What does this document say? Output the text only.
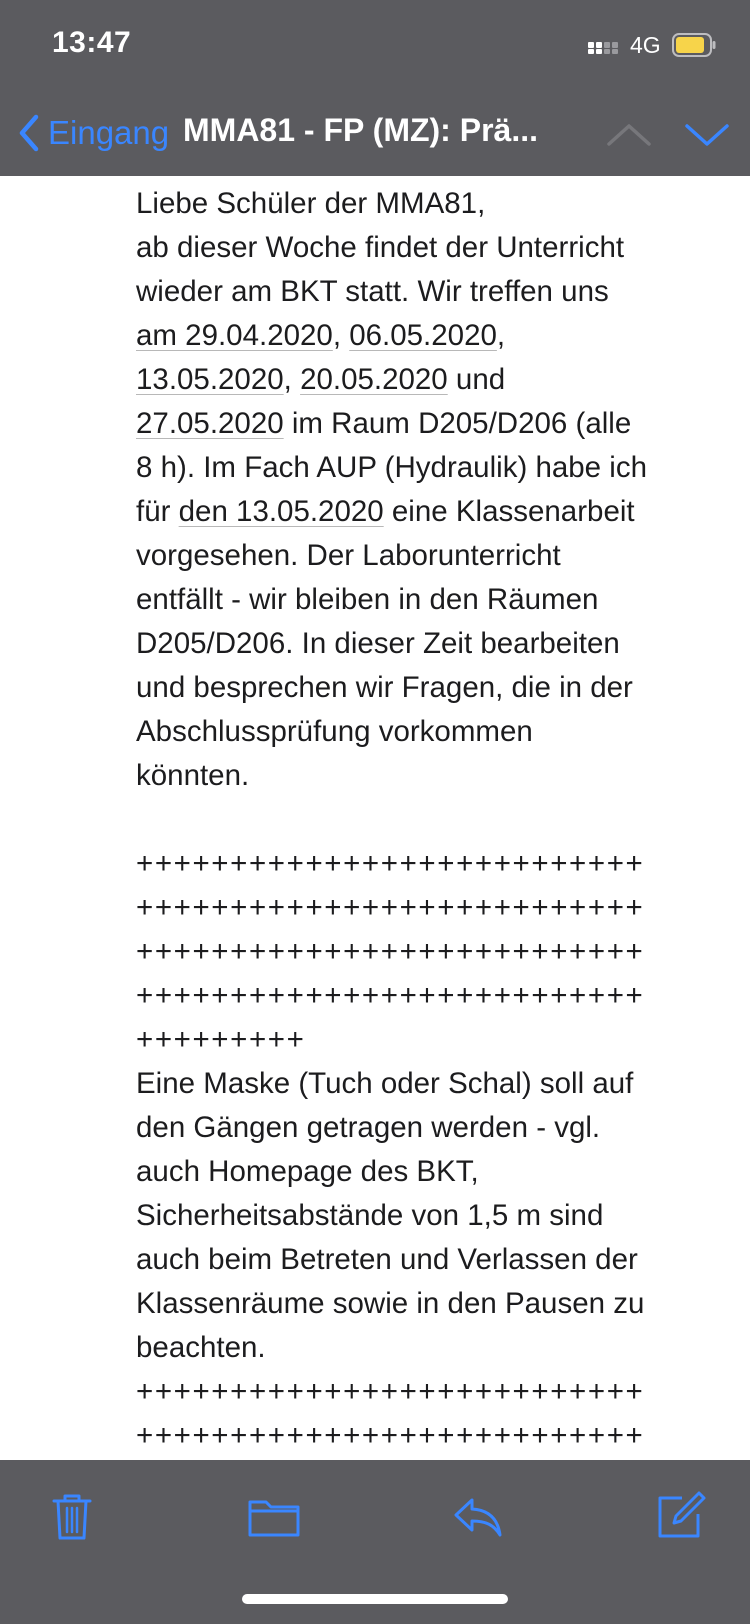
13:47	4G
Eingang MMA81 - FP (MZ): Prä...

Liebe Schüler der MMA81,
ab dieser Woche findet der Unterricht
wieder am BKT statt. Wir treffen uns
am 29.04.2020, 06.05.2020,
13.05.2020, 20.05.2020 und
27.05.2020 im Raum D205/D206 (alle
8 h). Im Fach AUP (Hydraulik) habe ich
für den 13.05.2020 eine Klassenarbeit
vorgesehen. Der Laborunterricht
entfällt - wir bleiben in den Räumen
D205/D206. In dieser Zeit bearbeiten
und besprechen wir Fragen, die in der
Abschlussprüfung vorkommen
könnten.

+++++++++++++++++++++++++++
+++++++++++++++++++++++++++
+++++++++++++++++++++++++++
+++++++++++++++++++++++++++
+++++++++

Eine Maske (Tuch oder Schal) soll auf
den Gängen getragen werden - vgl.
auch Homepage des BKT,
Sicherheitsabstände von 1,5 m sind
auch beim Betreten und Verlassen der
Klassenräume sowie in den Pausen zu
beachten.

+++++++++++++++++++++++++++
+++++++++++++++++++++++++++
